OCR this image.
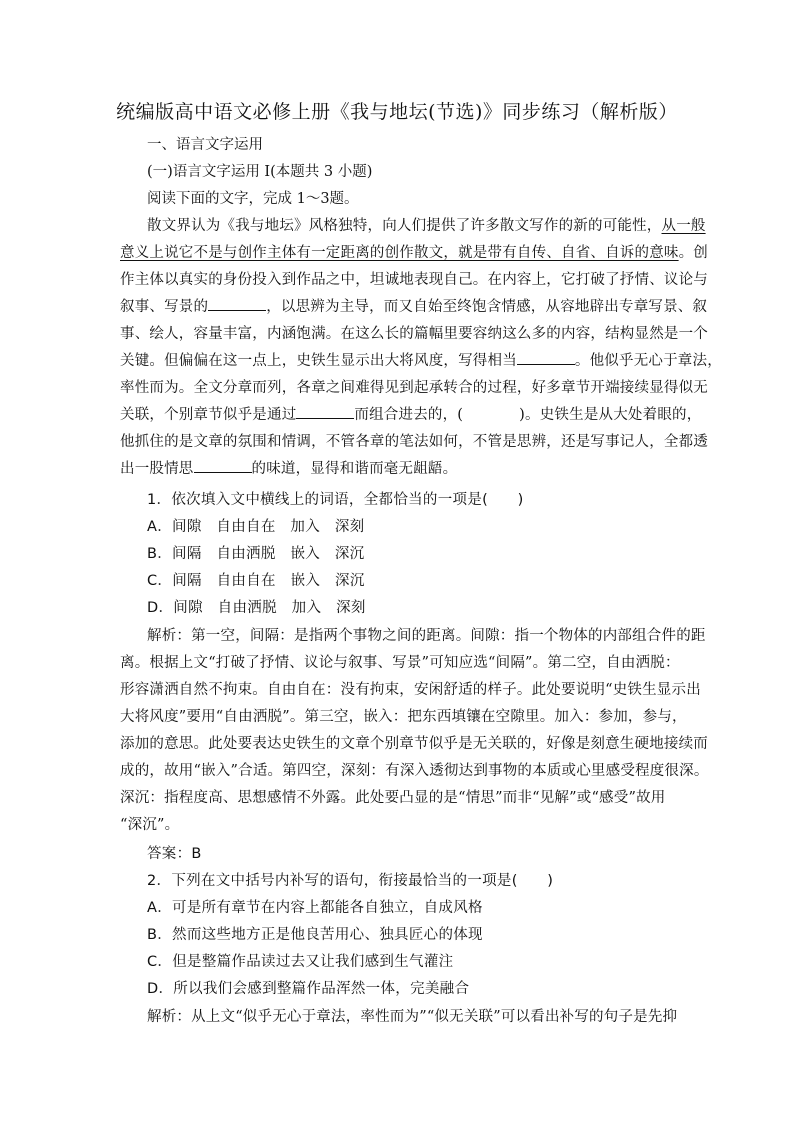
统编版高中语文必修上册《我与地坛(节选)》同步练习（解析版）
一、语言文字运用
(一)语言文字运用 Ⅰ(本题共 3 小题)
阅读下面的文字，完成 1～3题。
散文界认为《我与地坛》风格独特，向人们提供了许多散文写作的新的可能性，从一般
意义上说它不是与创作主体有一定距离的创作散文，就是带有自传、自省、自诉的意味。创
作主体以真实的身份投入到作品之中，坦诚地表现自己。在内容上，它打破了抒情、议论与
叙事、写景的	，以思辨为主导，而又自始至终饱含情感，从容地辟出专章写景、叙
事、绘人，容量丰富，内涵饱满。在这么长的篇幅里要容纳这么多的内容，结构显然是一个
关键。但偏偏在这一点上，史铁生显示出大将风度，写得相当	。他似乎无心于章法，
率性而为。全文分章而列，各章之间难得见到起承转合的过程，好多章节开端接续显得似无
关联，个别章节似乎是通过	而组合进去的，(	)。史铁生是从大处着眼的，
他抓住的是文章的氛围和情调，不管各章的笔法如何，不管是思辨，还是写事记人，全都透
出一股情思	的味道，显得和谐而毫无龃龉。
1．依次填入文中横线上的词语，全都恰当的一项是(　　)
A．间隙　自由自在　加入　深刻
B．间隔　自由洒脱　嵌入　深沉
C．间隔　自由自在　嵌入　深沉
D．间隙　自由洒脱　加入　深刻
解析：第一空，间隔：是指两个事物之间的距离。间隙：指一个物体的内部组合件的距
离。根据上文“打破了抒情、议论与叙事、写景”可知应选“间隔”。第二空，自由洒脱：
形容潇洒自然不拘束。自由自在：没有拘束，安闲舒适的样子。此处要说明“史铁生显示出
大将风度”要用“自由洒脱”。第三空，嵌入：把东西填镶在空隙里。加入：参加，参与，
添加的意思。此处要表达史铁生的文章个别章节似乎是无关联的，好像是刻意生硬地接续而
成的，故用“嵌入”合适。第四空，深刻：有深入透彻达到事物的本质或心里感受程度很深。
深沉：指程度高、思想感情不外露。此处要凸显的是“情思”而非“见解”或“感受”故用
“深沉”。
答案：B
2．下列在文中括号内补写的语句，衔接最恰当的一项是(　　)
A．可是所有章节在内容上都能各自独立，自成风格
B．然而这些地方正是他良苦用心、独具匠心的体现
C．但是整篇作品读过去又让我们感到生气灌注
D．所以我们会感到整篇作品浑然一体，完美融合
解析：从上文“似乎无心于章法，率性而为”“似无关联”可以看出补写的句子是先抑
